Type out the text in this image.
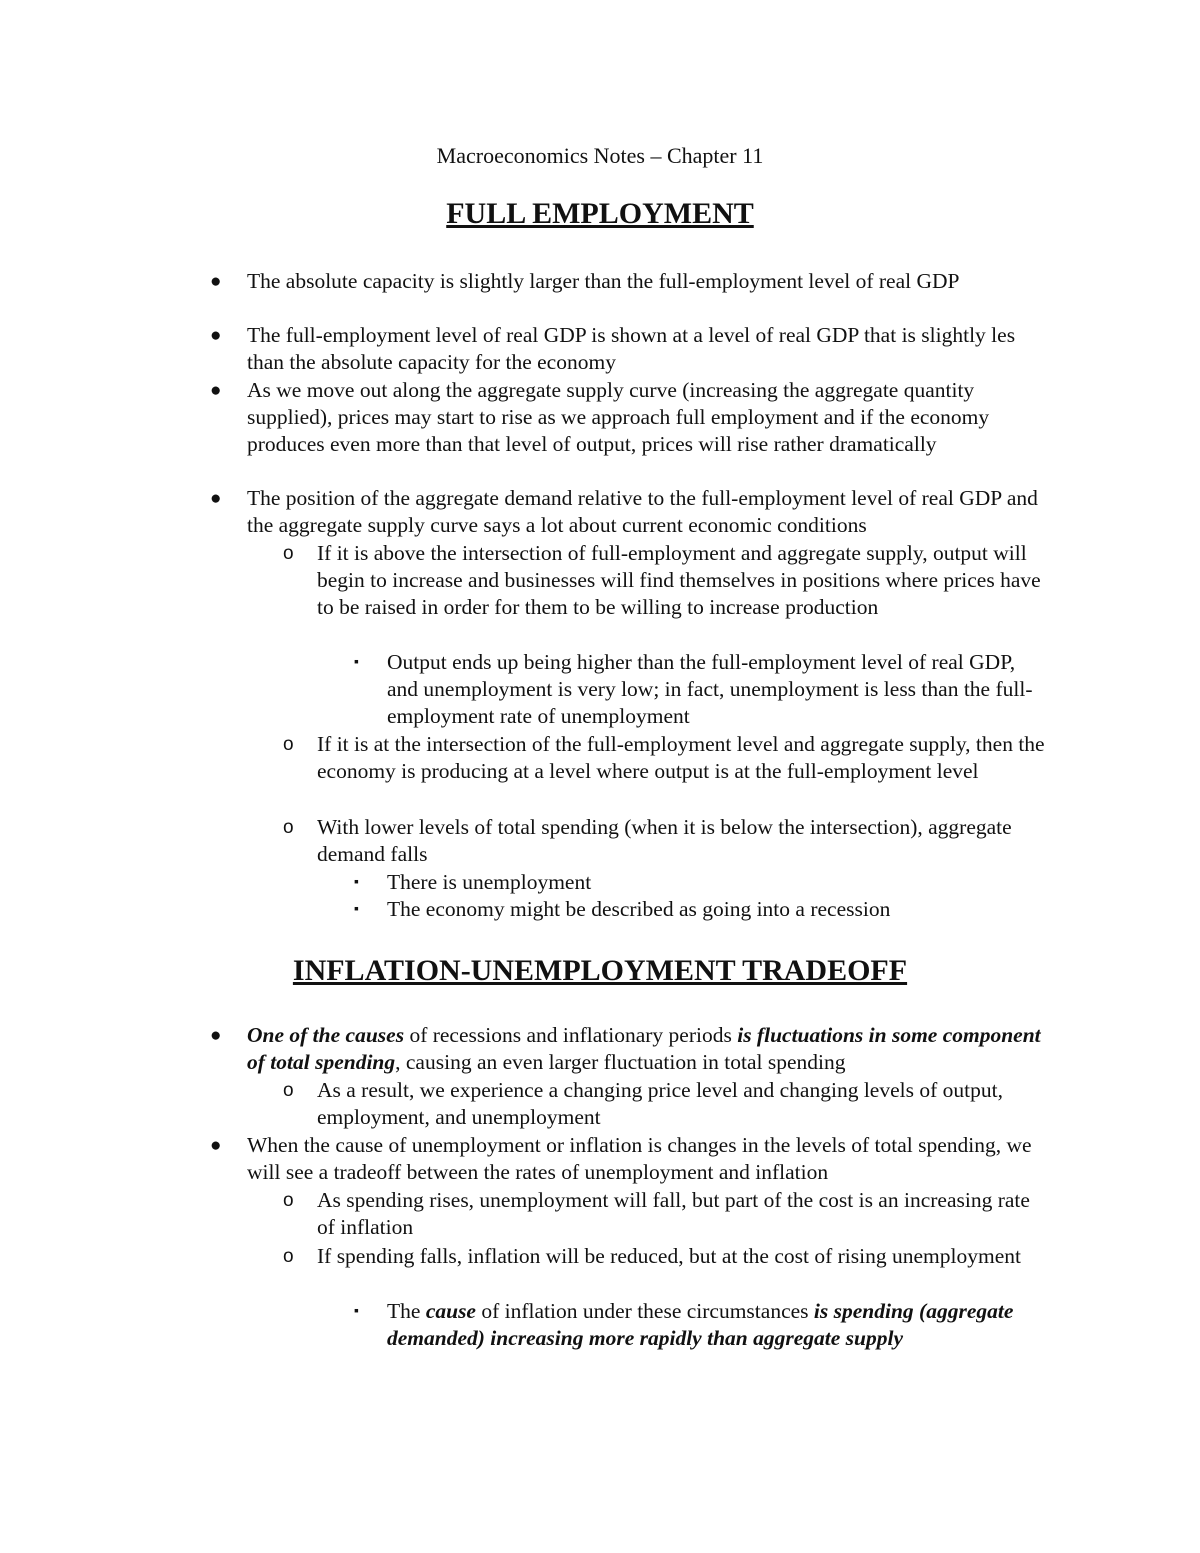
Macroeconomics Notes – Chapter 11
FULL EMPLOYMENT
● The absolute capacity is slightly larger than the full-employment level of real GDP
● The full-employment level of real GDP is shown at a level of real GDP that is slightly les than the absolute capacity for the economy
● As we move out along the aggregate supply curve (increasing the aggregate quantity supplied), prices may start to rise as we approach full employment and if the economy produces even more than that level of output, prices will rise rather dramatically
● The position of the aggregate demand relative to the full-employment level of real GDP and the aggregate supply curve says a lot about current economic conditions
o If it is above the intersection of full-employment and aggregate supply, output will begin to increase and businesses will find themselves in positions where prices have to be raised in order for them to be willing to increase production
▪ Output ends up being higher than the full-employment level of real GDP, and unemployment is very low; in fact, unemployment is less than the full-employment rate of unemployment
o If it is at the intersection of the full-employment level and aggregate supply, then the economy is producing at a level where output is at the full-employment level
o With lower levels of total spending (when it is below the intersection), aggregate demand falls
▪ There is unemployment
▪ The economy might be described as going into a recession
INFLATION-UNEMPLOYMENT TRADEOFF
● One of the causes of recessions and inflationary periods is fluctuations in some component of total spending, causing an even larger fluctuation in total spending
o As a result, we experience a changing price level and changing levels of output, employment, and unemployment
● When the cause of unemployment or inflation is changes in the levels of total spending, we will see a tradeoff between the rates of unemployment and inflation
o As spending rises, unemployment will fall, but part of the cost is an increasing rate of inflation
o If spending falls, inflation will be reduced, but at the cost of rising unemployment
▪ The cause of inflation under these circumstances is spending (aggregate demanded) increasing more rapidly than aggregate supply
